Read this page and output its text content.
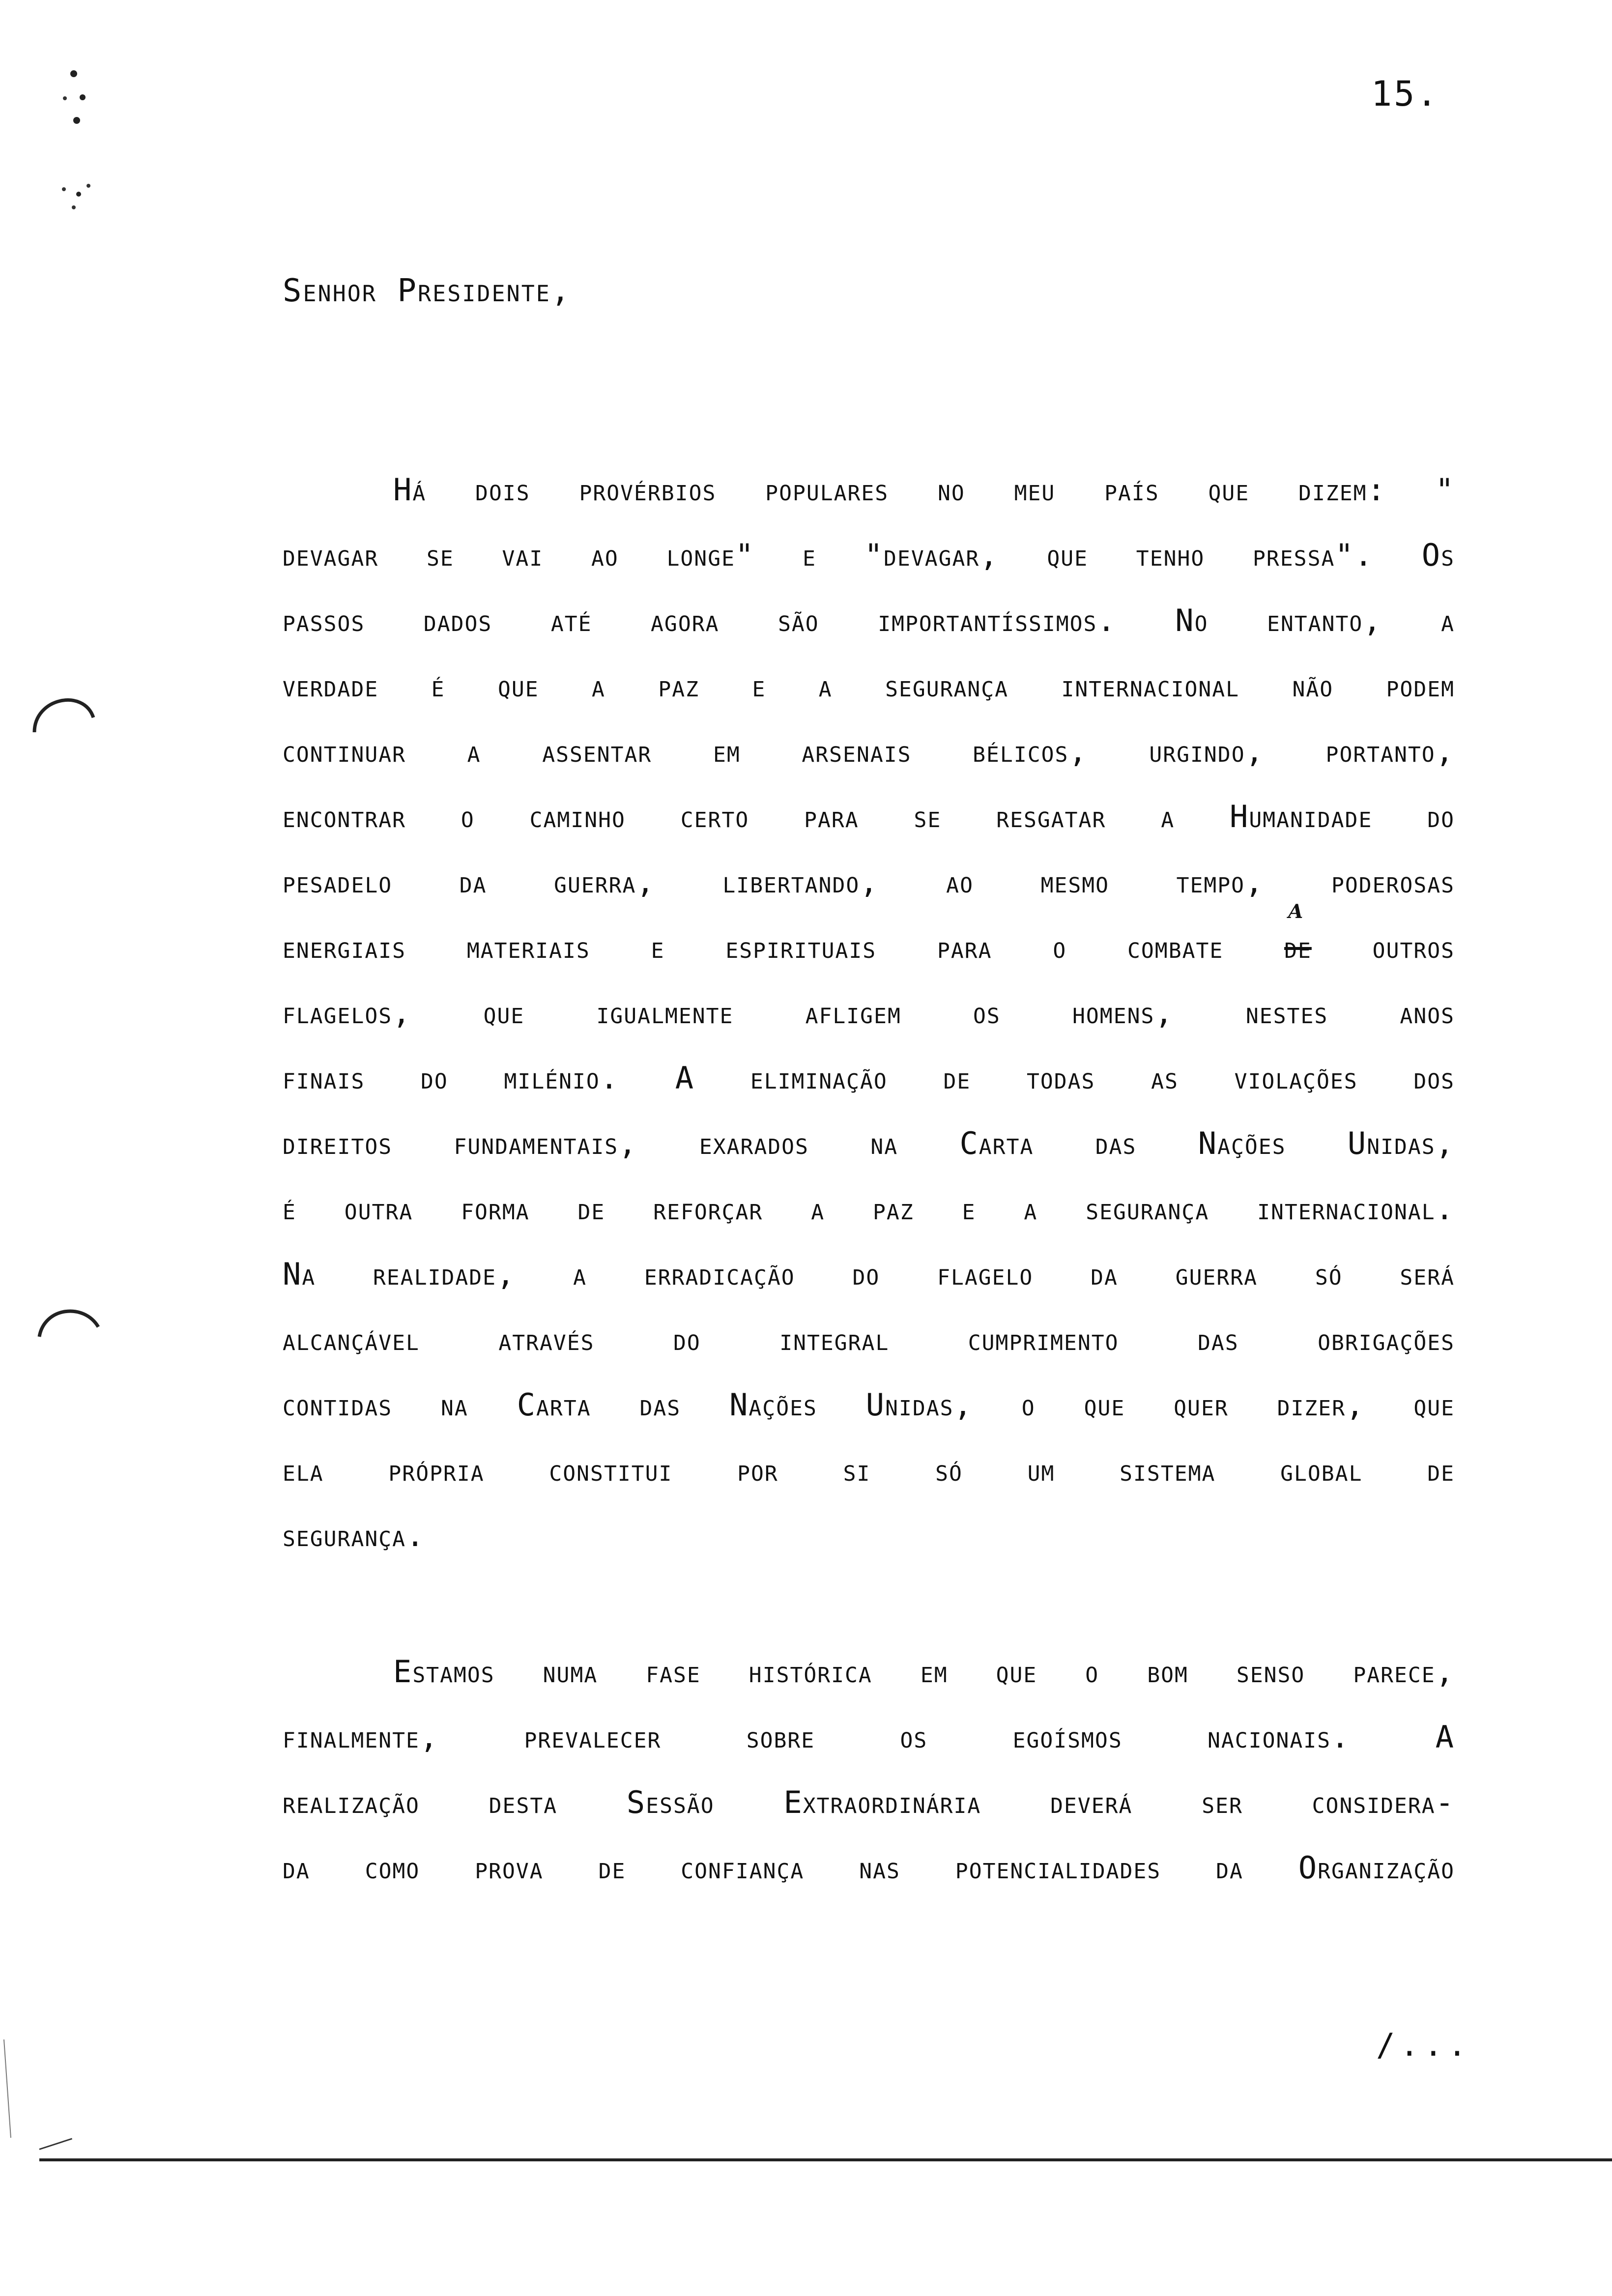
15.
Senhor Presidente,
Há dois provérbios populares no meu país que dizem: "
devagar se vai ao longe" e "devagar, que tenho pressa". Os
passos dados até agora são importantíssimos. No entanto, a
verdade é que a paz e a segurança internacional não podem
continuar a assentar em arsenais bélicos, urgindo, portanto,
encontrar o caminho certo para se resgatar a Humanidade do
pesadelo da guerra, libertando, ao mesmo tempo, poderosas
energiais materiais e espirituais para o combate de
a
outros
flagelos, que igualmente afligem os homens, nestes anos
finais do milénio. A eliminação de todas as violações dos
direitos fundamentais, exarados na Carta das Nações Unidas,
é outra forma de reforçar a paz e a segurança internacional.
Na realidade, a erradicação do flagelo da guerra só será
alcançável através do integral cumprimento das obrigações
contidas na Carta das Nações Unidas, o que quer dizer, que
ela própria constitui por si só um sistema global de
segurança.
Estamos numa fase histórica em que o bom senso parece,
finalmente, prevalecer sobre os egoísmos nacionais. A
realização desta Sessão Extraordinária deverá ser considera-
da como prova de confiança nas potencialidades da Organização
/...
